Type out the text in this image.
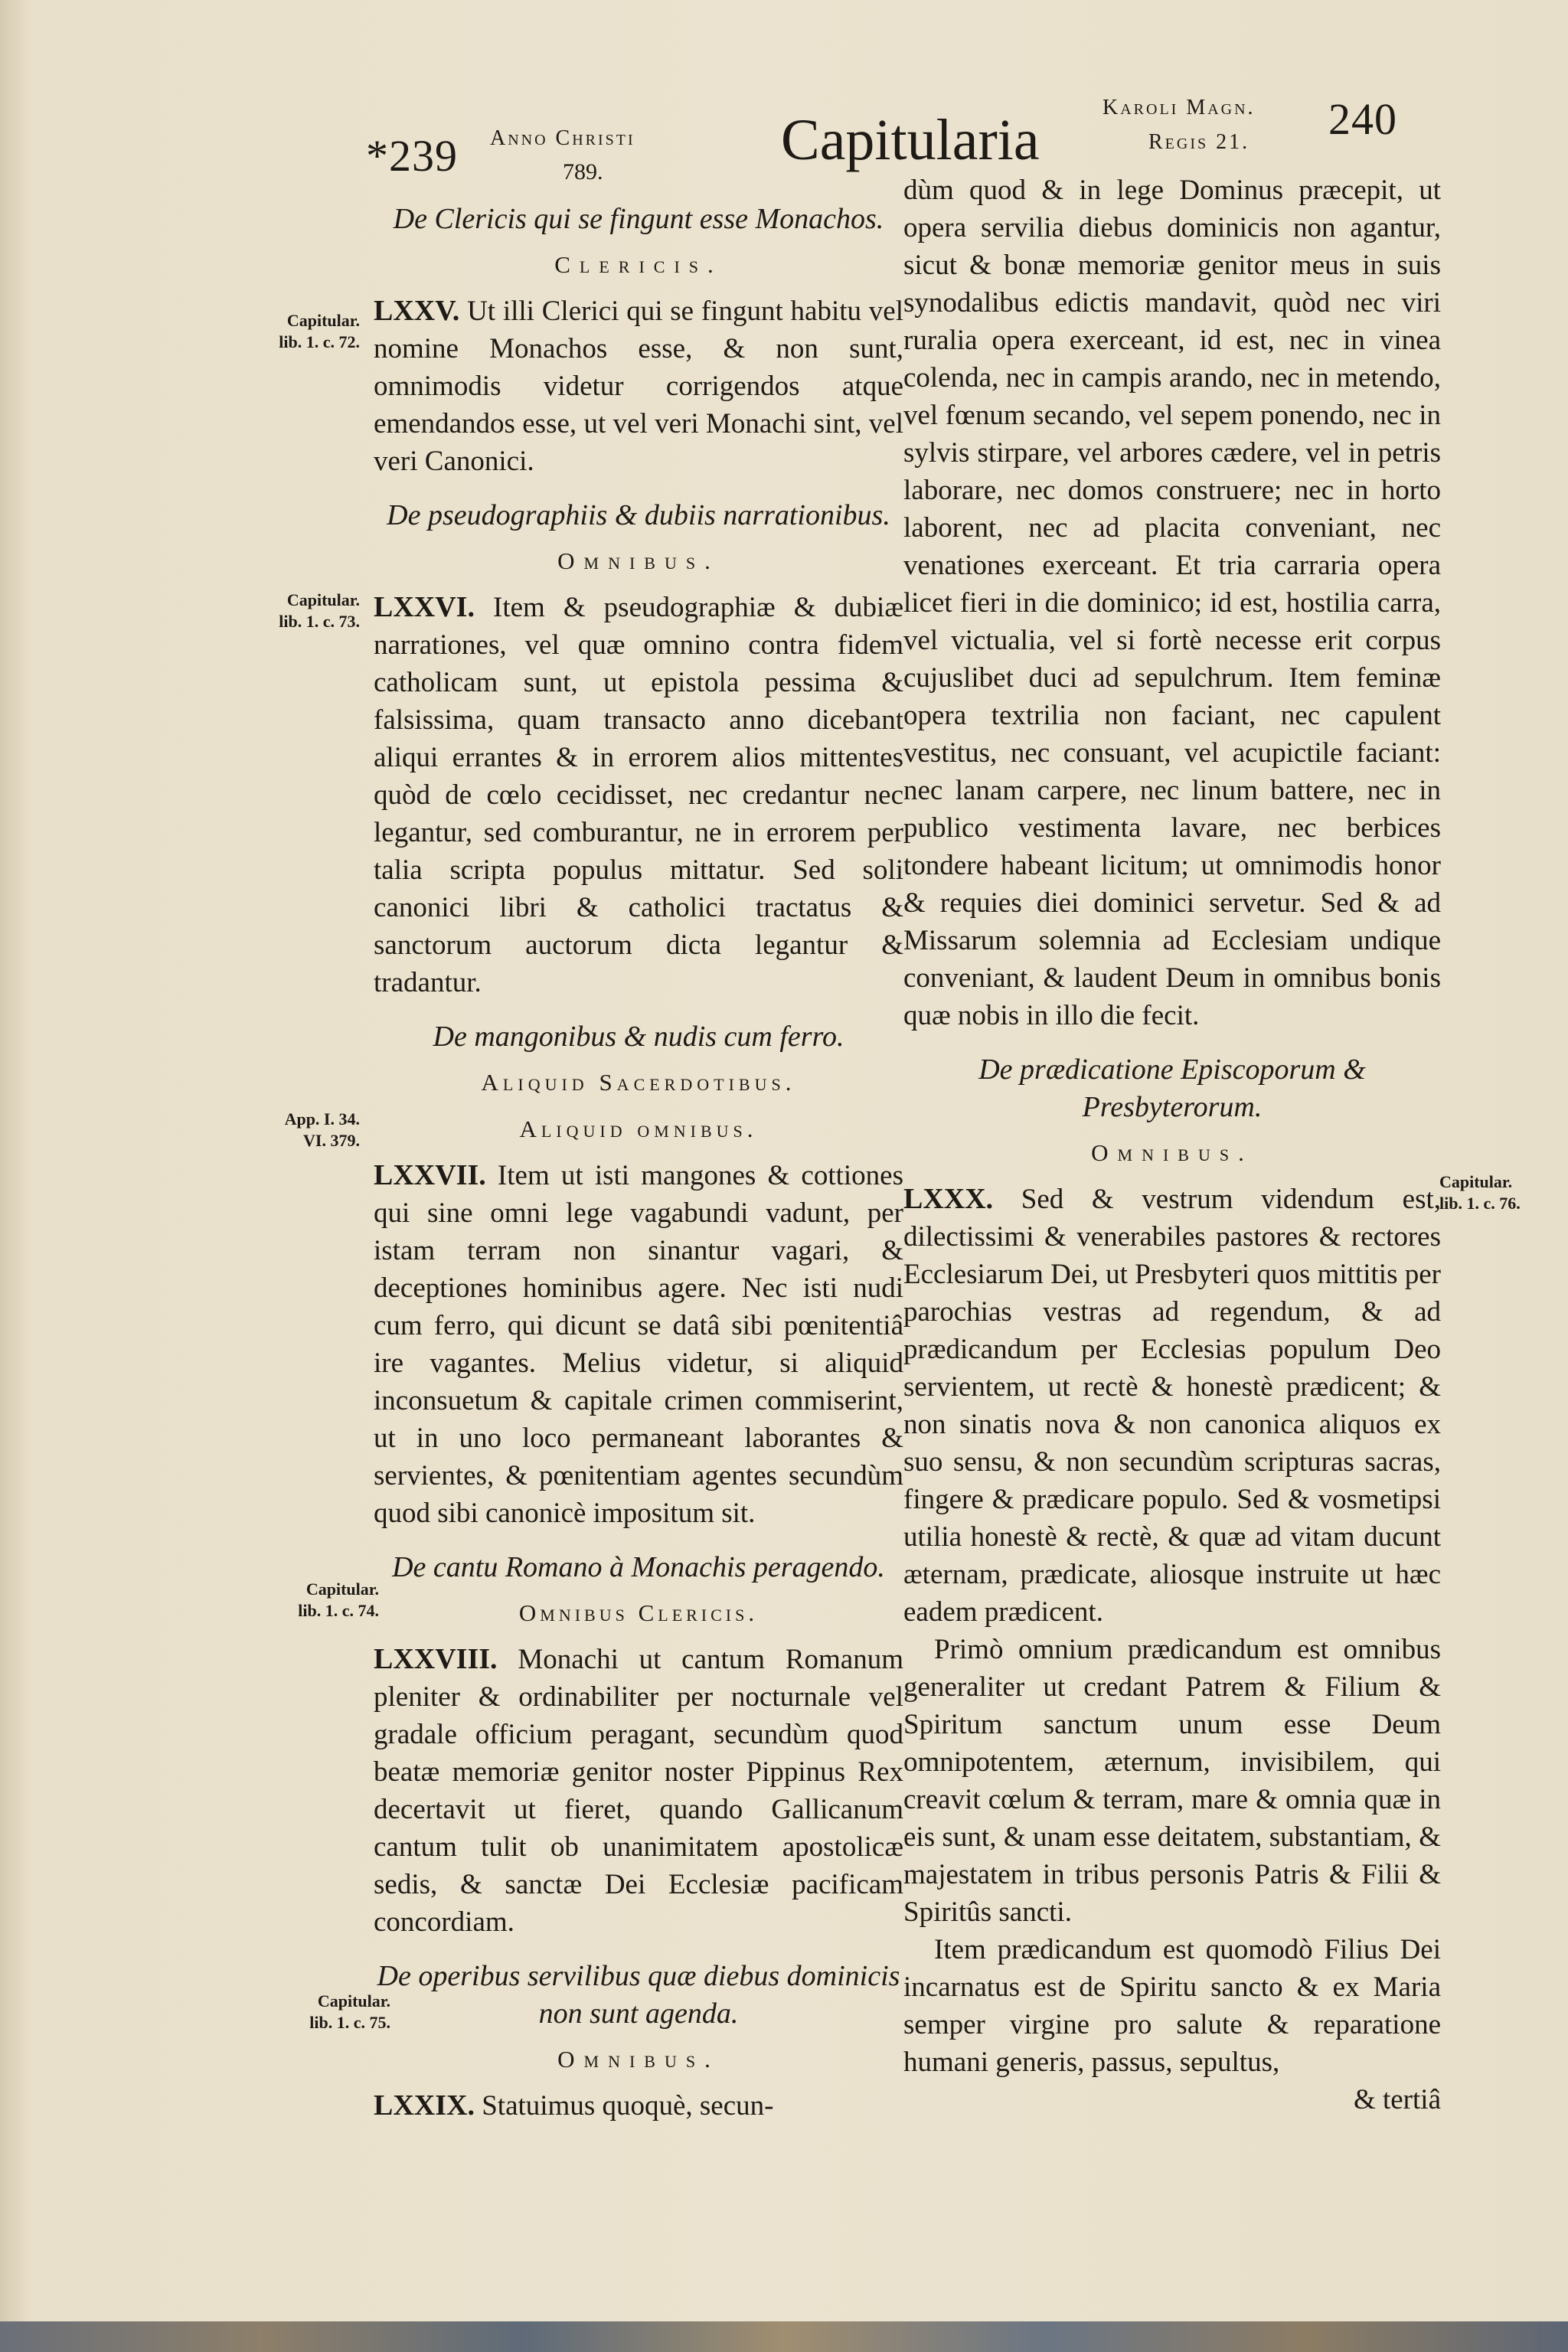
*239 Anno Christi
789.	Capitularia
Karoli Magn.
Regis 21. 240

De Clericis qui se fingunt esse Monachos.

Clericis.

LXXV. Ut illi Clerici qui se fingunt habitu vel nomine Monachos esse, & non sunt, omnimodis videtur corrigendos atque emendandos esse, ut vel veri Monachi sint, vel veri Canonici.

De pseudographiis & dubiis narrationibus.

Omnibus.

LXXVI. Item & pseudographiæ & dubiæ narrationes, vel quæ omnino contra fidem catholicam sunt, ut epistola pessima & falsissima, quam transacto anno dicebant aliqui errantes & in errorem alios mittentes quòd de cœlo cecidisset, nec credantur nec legantur, sed comburantur, ne in errorem per talia scripta populus mittatur. Sed soli canonici libri & catholici tractatus & sanctorum auctorum dicta legantur & tradantur.

De mangonibus & nudis cum ferro.

Aliquid Sacerdotibus.

Aliquid omnibus.

LXXVII. Item ut isti mangones & cottiones qui sine omni lege vagabundi vadunt, per istam terram non sinantur vagari, & deceptiones hominibus agere. Nec isti nudi cum ferro, qui dicunt se datâ sibi pœnitentiâ ire vagantes. Melius videtur, si aliquid inconsuetum & capitale crimen commiserint, ut in uno loco permaneant laborantes & servientes, & pœnitentiam agentes secundùm quod sibi canonicè impositum sit.

De cantu Romano à Monachis peragendo.

Omnibus Clericis.

LXXVIII. Monachi ut cantum Romanum pleniter & ordinabiliter per nocturnale vel gradale officium peragant, secundùm quod beatæ memoriæ genitor noster Pippinus Rex decertavit ut fieret, quando Gallicanum cantum tulit ob unanimitatem apostolicæ sedis, & sanctæ Dei Ecclesiæ pacificam concordiam.

De operibus servilibus quæ diebus dominicis non sunt agenda.

Omnibus.

LXXIX. Statuimus quoquè, secun-

dùm quod & in lege Dominus præcepit, ut opera servilia diebus dominicis non agantur, sicut & bonæ memoriæ genitor meus in suis synodalibus edictis mandavit, quòd nec viri ruralia opera exerceant, id est, nec in vinea colenda, nec in campis arando, nec in metendo, vel fœnum secando, vel sepem ponendo, nec in sylvis stirpare, vel arbores cædere, vel in petris laborare, nec domos construere; nec in horto laborent, nec ad placita conveniant, nec venationes exerceant. Et tria carraria opera licet fieri in die dominico; id est, hostilia carra, vel victualia, vel si fortè necesse erit corpus cujuslibet duci ad sepulchrum. Item feminæ opera textrilia non faciant, nec capulent vestitus, nec consuant, vel acupictile faciant: nec lanam carpere, nec linum battere, nec in publico vestimenta lavare, nec berbices tondere habeant licitum; ut omnimodis honor & requies diei dominici servetur. Sed & ad Missarum solemnia ad Ecclesiam undique conveniant, & laudent Deum in omnibus bonis quæ nobis in illo die fecit.

De prædicatione Episcoporum & Presbyterorum.

Omnibus.

LXXX. Sed & vestrum videndum est, dilectissimi & venerabiles pastores & rectores Ecclesiarum Dei, ut Presbyteri quos mittitis per parochias vestras ad regendum, & ad prædicandum per Ecclesias populum Deo servientem, ut rectè & honestè prædicent; & non sinatis nova & non canonica aliquos ex suo sensu, & non secundùm scripturas sacras, fingere & prædicare populo. Sed & vosmetipsi utilia honestè & rectè, & quæ ad vitam ducunt æternam, prædicate, aliosque instruite ut hæc eadem prædicent.

Primò omnium prædicandum est omnibus generaliter ut credant Patrem & Filium & Spiritum sanctum unum esse Deum omnipotentem, æternum, invisibilem, qui creavit cœlum & terram, mare & omnia quæ in eis sunt, & unam esse deitatem, substantiam, & majestatem in tribus personis Patris & Filii & Spiritûs sancti.

Item prædicandum est quomodò Filius Dei incarnatus est de Spiritu sancto & ex Maria semper virgine pro salute & reparatione humani generis, passus, sepultus,

& tertiâ

Capitular.
lib. 1. c. 72.
Capitular.
lib. 1. c. 73.
App. I. 34.
VI. 379.
Capitular.
lib. 1. c. 74.
Capitular.
lib. 1. c. 75.
Capitular.
lib. 1. c. 76.
